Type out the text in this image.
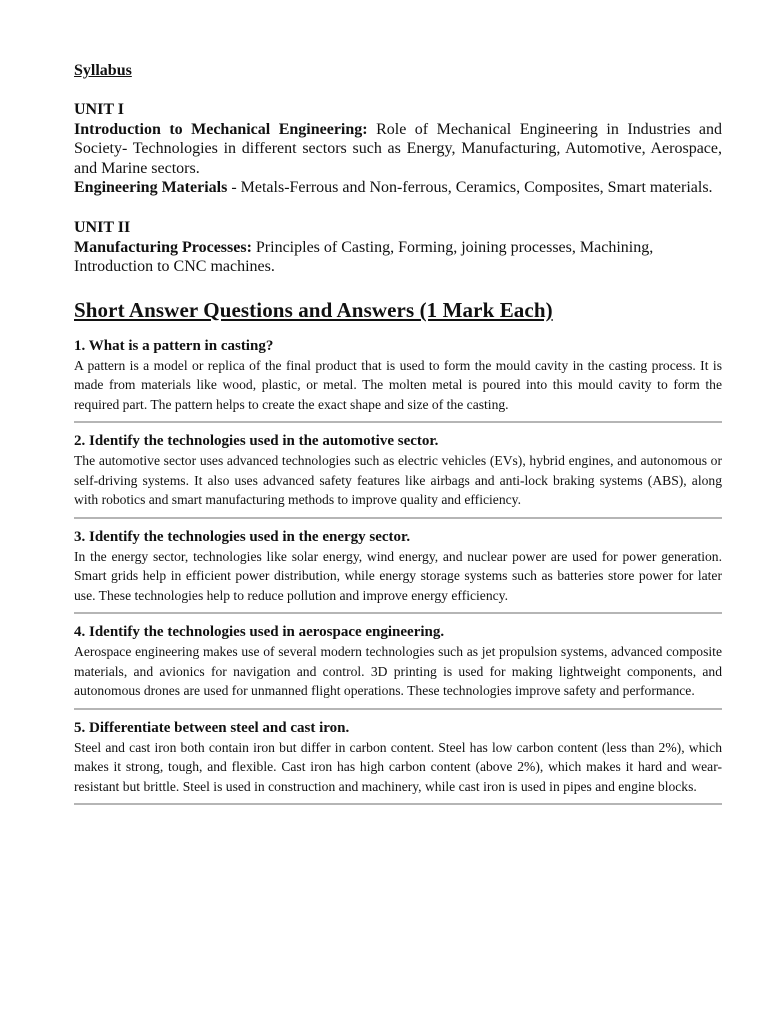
Syllabus
UNIT I

Introduction to Mechanical Engineering: Role of Mechanical Engineering in Industries and Society- Technologies in different sectors such as Energy, Manufacturing, Automotive, Aerospace, and Marine sectors.

Engineering Materials - Metals-Ferrous and Non-ferrous, Ceramics, Composites, Smart materials.

UNIT II

Manufacturing Processes: Principles of Casting, Forming, joining processes, Machining, Introduction to CNC machines.

Short Answer Questions and Answers (1 Mark Each)
1. What is a pattern in casting?

A pattern is a model or replica of the final product that is used to form the mould cavity in the casting process. It is made from materials like wood, plastic, or metal. The molten metal is poured into this mould cavity to form the required part. The pattern helps to create the exact shape and size of the casting.

2. Identify the technologies used in the automotive sector.

The automotive sector uses advanced technologies such as electric vehicles (EVs), hybrid engines, and autonomous or self-driving systems. It also uses advanced safety features like airbags and anti-lock braking systems (ABS), along with robotics and smart manufacturing methods to improve quality and efficiency.

3. Identify the technologies used in the energy sector.

In the energy sector, technologies like solar energy, wind energy, and nuclear power are used for power generation. Smart grids help in efficient power distribution, while energy storage systems such as batteries store power for later use. These technologies help to reduce pollution and improve energy efficiency.

4. Identify the technologies used in aerospace engineering.

Aerospace engineering makes use of several modern technologies such as jet propulsion systems, advanced composite materials, and avionics for navigation and control. 3D printing is used for making lightweight components, and autonomous drones are used for unmanned flight operations. These technologies improve safety and performance.

5. Differentiate between steel and cast iron.

Steel and cast iron both contain iron but differ in carbon content. Steel has low carbon content (less than 2%), which makes it strong, tough, and flexible. Cast iron has high carbon content (above 2%), which makes it hard and wear-resistant but brittle. Steel is used in construction and machinery, while cast iron is used in pipes and engine blocks.
